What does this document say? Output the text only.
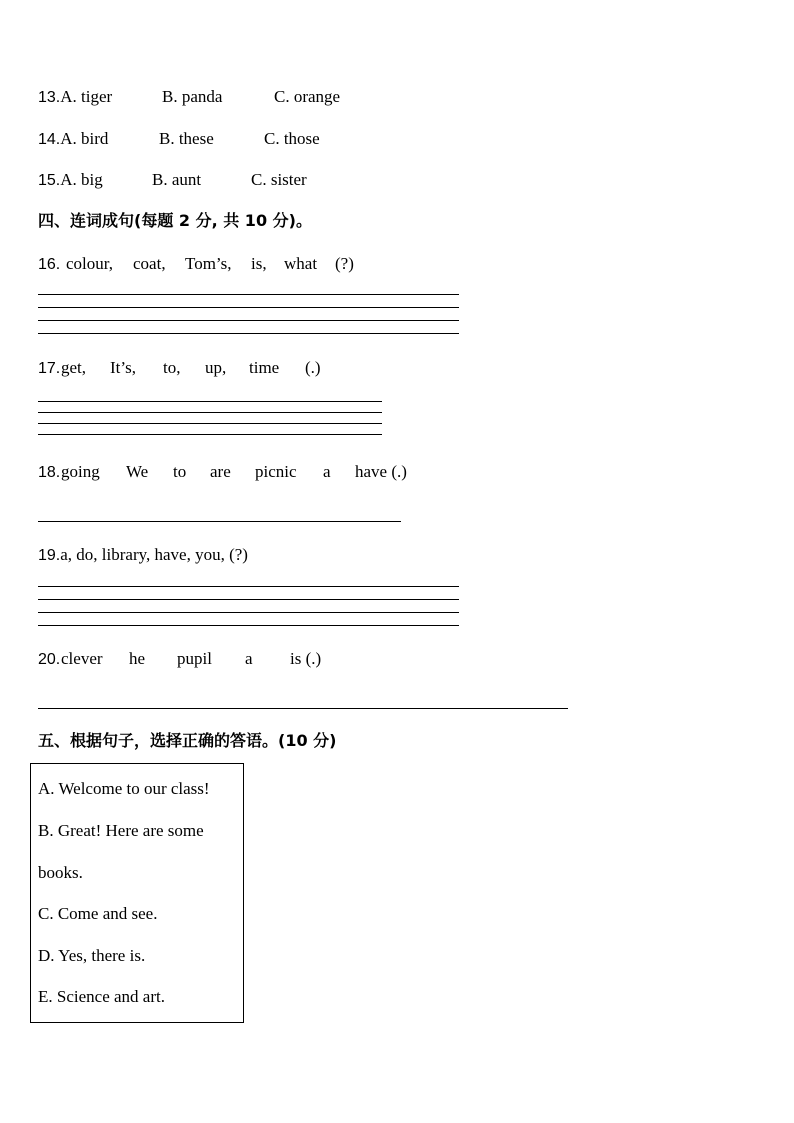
13.A. tiger	B. panda	C. orange
14.A. bird	B. these	C. those
15.A. big	B. aunt	C. sister
四、连词成句(每题 2 分, 共 10 分)。
16. colour, coat, Tom’s, is, what (?)
17. get, It’s, to, up, time (.)
18. going We to are picnic a have (.)
19.a, do, library, have, you, (?)
20. clever he pupil a is (.)
五、根据句子，选择正确的答语。(10 分)
A. Welcome to our class!
B. Great! Here are some
books.
C. Come and see.
D. Yes, there is.
E. Science and art.
